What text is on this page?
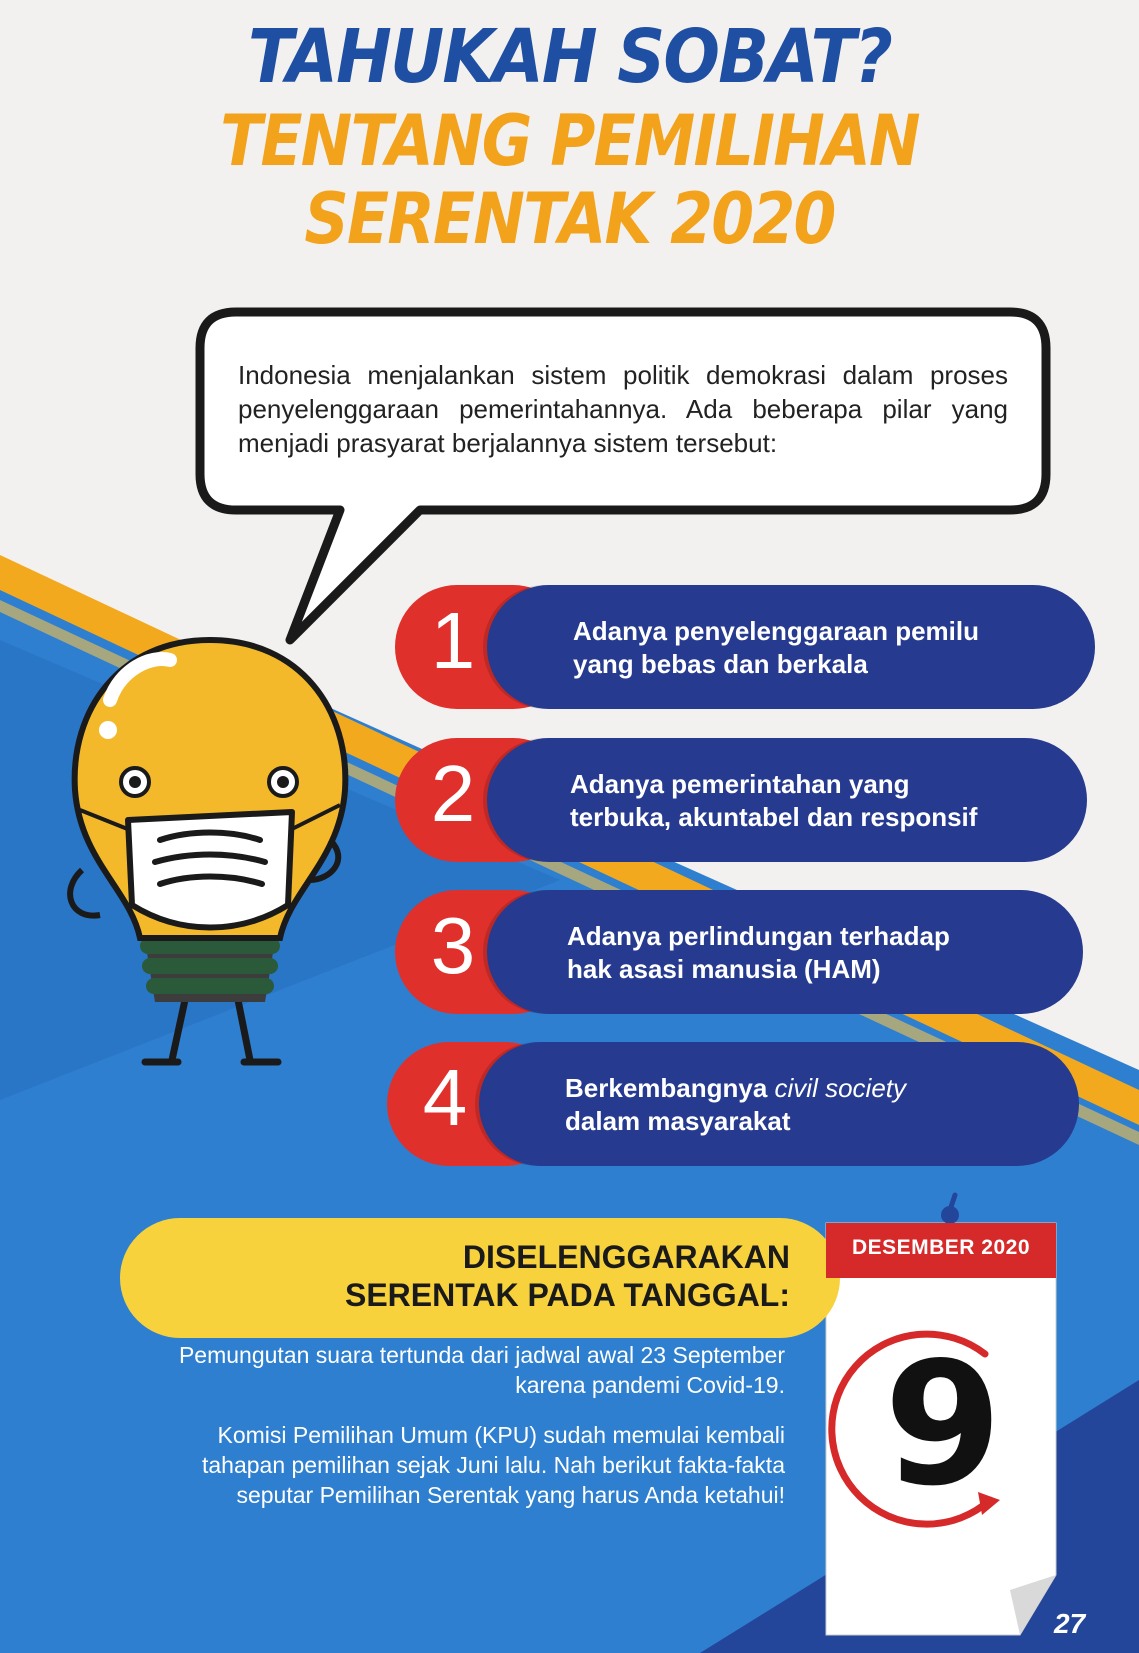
TAHUKAH SOBAT?
TENTANG PEMILIHAN
SERENTAK 2020
Indonesia menjalankan sistem politik demokrasi dalam proses penyelenggaraan pemerintahannya. Ada beberapa pilar yang menjadi prasyarat berjalannya sistem tersebut:
1	Adanya penyelenggaraan pemilu
yang bebas dan berkala
2	Adanya pemerintahan yang
terbuka, akuntabel dan responsif
3	Adanya perlindungan terhadap
hak asasi manusia (HAM)
4	Berkembangnya civil society
dalam masyarakat
DISELENGGARAKAN
SERENTAK PADA TANGGAL:
Pemungutan suara tertunda dari jadwal awal 23 September karena pandemi Covid-19.
Komisi Pemilihan Umum (KPU) sudah memulai kembali tahapan pemilihan sejak Juni lalu. Nah berikut fakta-fakta seputar Pemilihan Serentak yang harus Anda ketahui!
DESEMBER 2020
9
27
